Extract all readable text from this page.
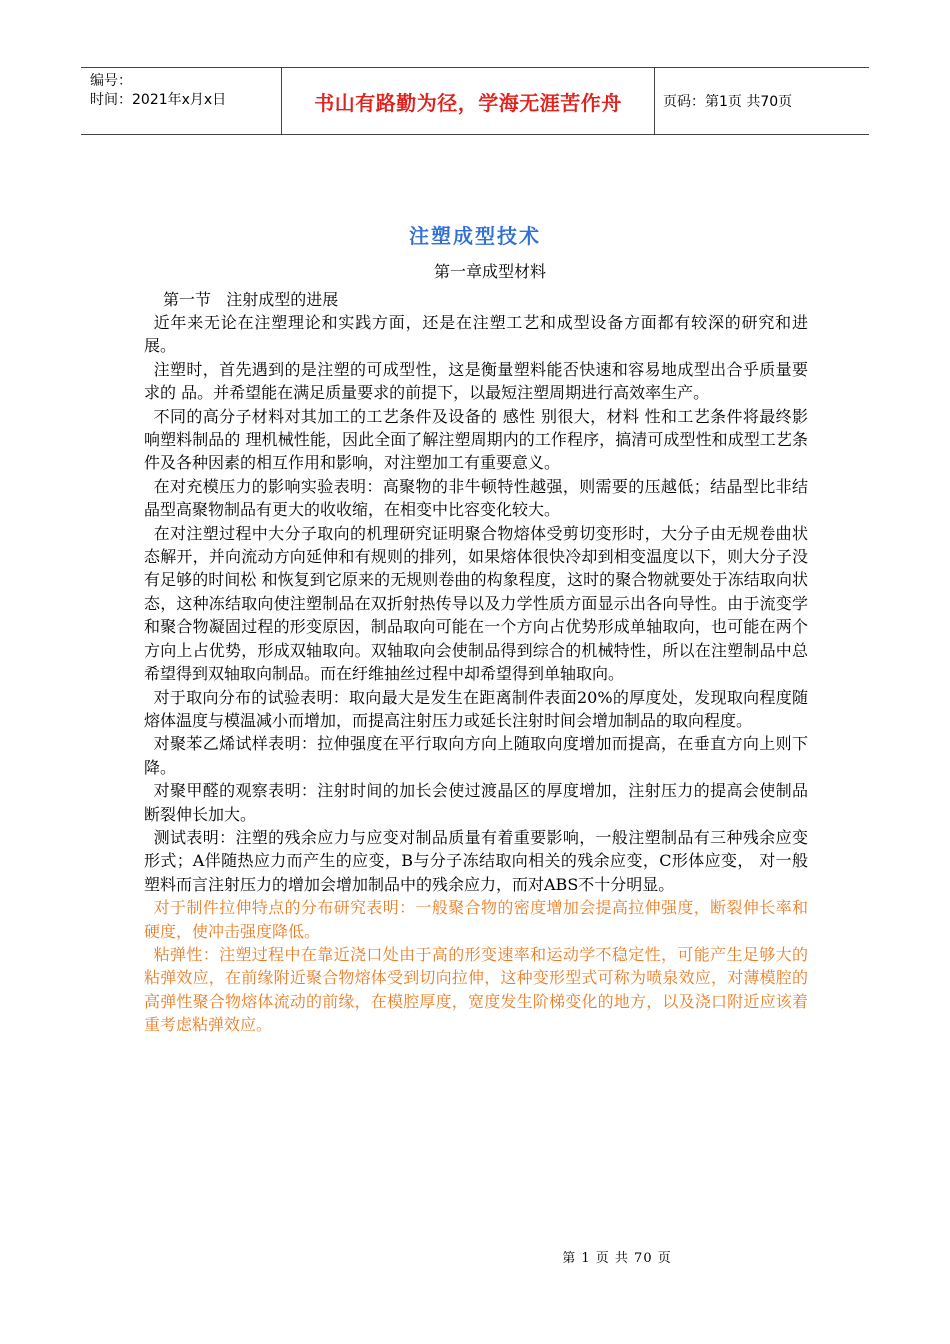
编号：
时间：2021年x月x日	书山有路勤为径，学海无涯苦作舟	页码：第1页 共70页
注塑成型技术
第一章成型材料
第一节   注射成型的进展

近年来无论在注塑理论和实践方面，还是在注塑工艺和成型设备方面都有较深的研究和进展。

注塑时，首先遇到的是注塑的可成型性，这是衡量塑料能否快速和容易地成型出合乎质量要求的 品。并希望能在满足质量要求的前提下，以最短注塑周期进行高效率生产。

不同的高分子材料对其加工的工艺条件及设备的 感性 别很大，材料 性和工艺条件将最终影响塑料制品的 理机械性能，因此全面了解注塑周期内的工作程序，搞清可成型性和成型工艺条件及各种因素的相互作用和影响，对注塑加工有重要意义。

在对充模压力的影响实验表明：高聚物的非牛顿特性越强，则需要的压越低；结晶型比非结晶型高聚物制品有更大的收收缩，在相变中比容变化较大。

在对注塑过程中大分子取向的机理研究证明聚合物熔体受剪切变形时，大分子由无规卷曲状态解开，并向流动方向延伸和有规则的排列，如果熔体很快冷却到相变温度以下，则大分子没有足够的时间松 和恢复到它原来的无规则卷曲的构象程度，这时的聚合物就要处于冻结取向状态，这种冻结取向使注塑制品在双折射热传导以及力学性质方面显示出各向导性。由于流变学和聚合物凝固过程的形变原因，制品取向可能在一个方向占优势形成单轴取向，也可能在两个方向上占优势，形成双轴取向。双轴取向会使制品得到综合的机械特性，所以在注塑制品中总希望得到双轴取向制品。而在纡维抽丝过程中却希望得到单轴取向。

对于取向分布的试验表明：取向最大是发生在距离制件表面20%的厚度处，发现取向程度随熔体温度与模温减小而增加，而提高注射压力或延长注射时间会增加制品的取向程度。

对聚苯乙烯试样表明：拉伸强度在平行取向方向上随取向度增加而提高，在垂直方向上则下降。

对聚甲醛的观察表明：注射时间的加长会使过渡晶区的厚度增加，注射压力的提高会使制品断裂伸长加大。

测试表明：注塑的残余应力与应变对制品质量有着重要影响，一般注塑制品有三种残余应变形式；A伴随热应力而产生的应变，B与分子冻结取向相关的残余应变，C形体应变， 对一般塑料而言注射压力的增加会增加制品中的残余应力，而对ABS不十分明显。

对于制件拉伸特点的分布研究表明：一般聚合物的密度增加会提高拉伸强度，断裂伸长率和硬度，使冲击强度降低。

粘弹性：注塑过程中在靠近浇口处由于高的形变速率和运动学不稳定性，可能产生足够大的粘弹效应，在前缘附近聚合物熔体受到切向拉伸，这种变形型式可称为喷泉效应，对薄模腔的高弹性聚合物熔体流动的前缘，在模腔厚度，宽度发生阶梯变化的地方，以及浇口附近应该着重考虑粘弹效应。

第 1 页 共 70 页
